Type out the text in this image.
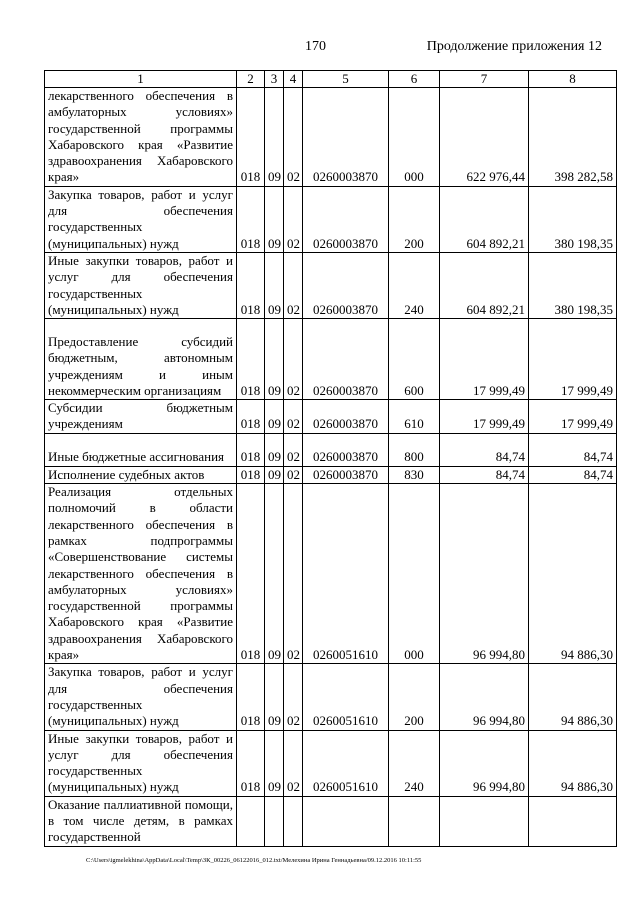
170	Продолжение приложения 12
1	2	3	4	5	6	7	8
лекарственного обеспечения в амбулаторных условиях» государственной программы Хабаровского края «Развитие здравоохранения Хабаровского края»	018	09	02	0260003870	000	622 976,44	398 282,58
Закупка товаров, работ и услуг для обеспечения государственных (муниципальных) нужд	018	09	02	0260003870	200	604 892,21	380 198,35
Иные закупки товаров, работ и услуг для обеспечения государственных (муниципальных) нужд	018	09	02	0260003870	240	604 892,21	380 198,35
Предоставление субсидий бюджетным, автономным учреждениям и иным некоммерческим организациям	018	09	02	0260003870	600	17 999,49	17 999,49
Субсидии бюджетным учреждениям	018	09	02	0260003870	610	17 999,49	17 999,49
Иные бюджетные ассигнования	018	09	02	0260003870	800	84,74	84,74
Исполнение судебных актов	018	09	02	0260003870	830	84,74	84,74
Реализация отдельных полномочий в области лекарственного обеспечения в рамках подпрограммы «Совершенствование системы лекарственного обеспечения в амбулаторных условиях» государственной программы Хабаровского края «Развитие здравоохранения Хабаровского края»	018	09	02	0260051610	000	96 994,80	94 886,30
Закупка товаров, работ и услуг для обеспечения государственных (муниципальных) нужд	018	09	02	0260051610	200	96 994,80	94 886,30
Иные закупки товаров, работ и услуг для обеспечения государственных (муниципальных) нужд	018	09	02	0260051610	240	96 994,80	94 886,30
Оказание паллиативной помощи, в том числе детям, в рамках государственной							
C:\Users\igmelekhina\AppData\Local\Temp\ЗК_00226_06122016_012.txt/Мелехина Ирина Геннадьевна/09.12.2016 10:11:55
